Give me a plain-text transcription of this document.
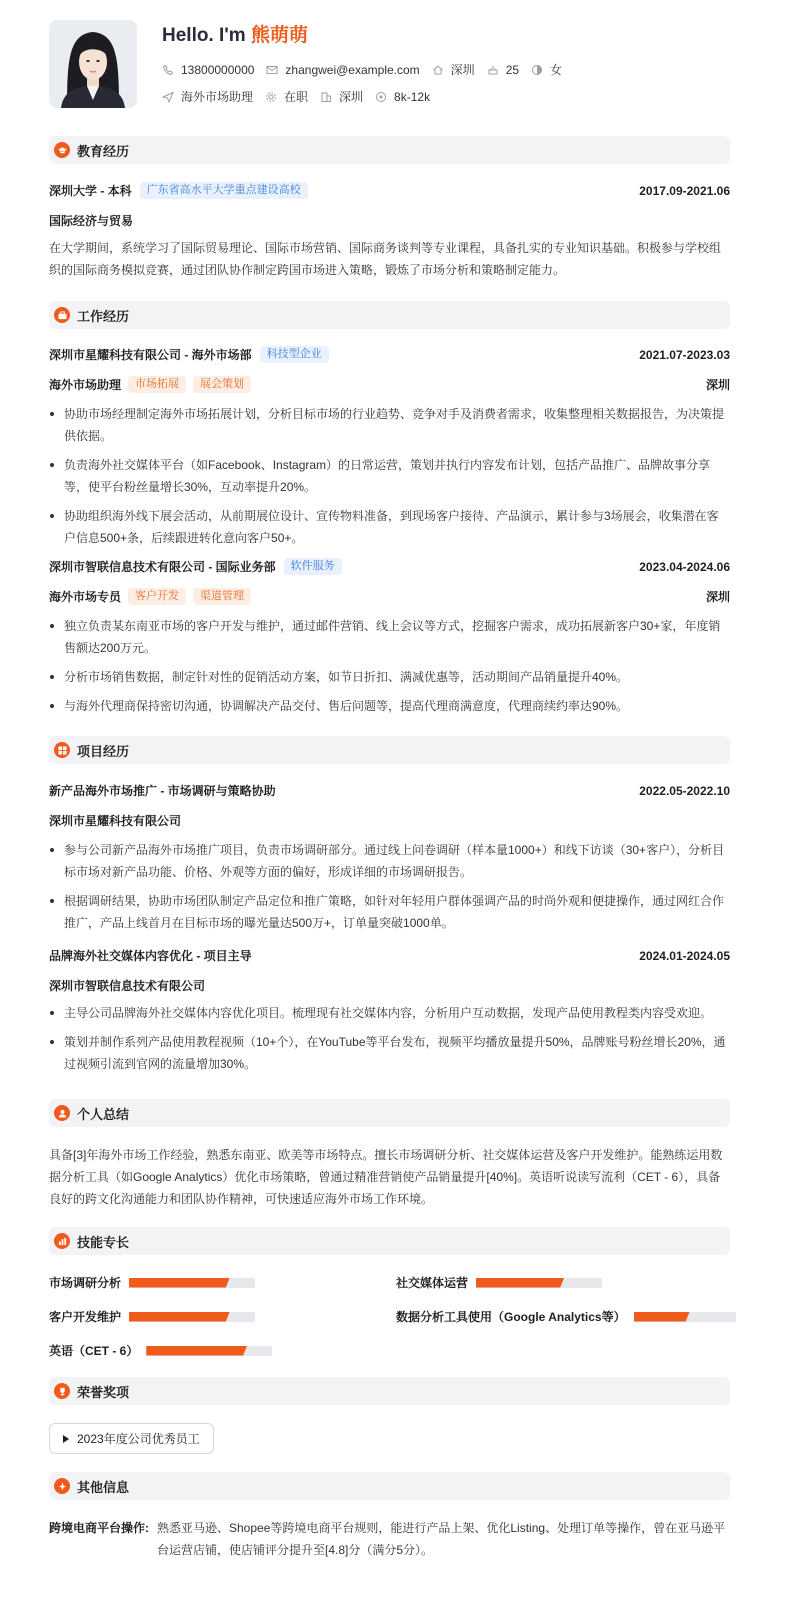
Hello. I'm 熊萌萌
13800000000	zhangwei@example.com	深圳	25	女
海外市场助理	在职	深圳	8k-12k
教育经历
深圳大学 - 本科	广东省高水平大学重点建设高校	2017.09-2021.06
国际经济与贸易
在大学期间，系统学习了国际贸易理论、国际市场营销、国际商务谈判等专业课程，具备扎实的专业知识基础。积极参与学校组织的国际商务模拟竞赛，通过团队协作制定跨国市场进入策略，锻炼了市场分析和策略制定能力。
工作经历
深圳市星耀科技有限公司 - 海外市场部	科技型企业	2021.07-2023.03
海外市场助理	市场拓展	展会策划	深圳
协助市场经理制定海外市场拓展计划，分析目标市场的行业趋势、竞争对手及消费者需求，收集整理相关数据报告，为决策提供依据。
负责海外社交媒体平台（如Facebook、Instagram）的日常运营，策划并执行内容发布计划，包括产品推广、品牌故事分享等，使平台粉丝量增长30%，互动率提升20%。
协助组织海外线下展会活动，从前期展位设计、宣传物料准备，到现场客户接待、产品演示，累计参与3场展会，收集潜在客户信息500+条，后续跟进转化意向客户50+。
深圳市智联信息技术有限公司 - 国际业务部	软件服务	2023.04-2024.06
海外市场专员	客户开发	渠道管理	深圳
独立负责某东南亚市场的客户开发与维护，通过邮件营销、线上会议等方式，挖掘客户需求，成功拓展新客户30+家，年度销售额达200万元。
分析市场销售数据，制定针对性的促销活动方案，如节日折扣、满减优惠等，活动期间产品销量提升40%。
与海外代理商保持密切沟通，协调解决产品交付、售后问题等，提高代理商满意度，代理商续约率达90%。
项目经历
新产品海外市场推广 - 市场调研与策略协助	2022.05-2022.10
深圳市星耀科技有限公司
参与公司新产品海外市场推广项目，负责市场调研部分。通过线上问卷调研（样本量1000+）和线下访谈（30+客户），分析目标市场对新产品功能、价格、外观等方面的偏好，形成详细的市场调研报告。
根据调研结果，协助市场团队制定产品定位和推广策略，如针对年轻用户群体强调产品的时尚外观和便捷操作，通过网红合作推广，产品上线首月在目标市场的曝光量达500万+，订单量突破1000单。
品牌海外社交媒体内容优化 - 项目主导	2024.01-2024.05
深圳市智联信息技术有限公司
主导公司品牌海外社交媒体内容优化项目。梳理现有社交媒体内容，分析用户互动数据，发现产品使用教程类内容受欢迎。
策划并制作系列产品使用教程视频（10+个），在YouTube等平台发布，视频平均播放量提升50%，品牌账号粉丝增长20%，通过视频引流到官网的流量增加30%。
个人总结
具备[3]年海外市场工作经验，熟悉东南亚、欧美等市场特点。擅长市场调研分析、社交媒体运营及客户开发维护。能熟练运用数据分析工具（如Google Analytics）优化市场策略，曾通过精准营销使产品销量提升[40%]。英语听说读写流利（CET - 6），具备良好的跨文化沟通能力和团队协作精神，可快速适应海外市场工作环境。
技能专长
市场调研分析	社交媒体运营
客户开发维护	数据分析工具使用（Google Analytics等）
英语（CET - 6）
荣誉奖项
2023年度公司优秀员工
其他信息
跨境电商平台操作: 熟悉亚马逊、Shopee等跨境电商平台规则，能进行产品上架、优化Listing、处理订单等操作，曾在亚马逊平台运营店铺，使店铺评分提升至[4.8]分（满分5分）。
